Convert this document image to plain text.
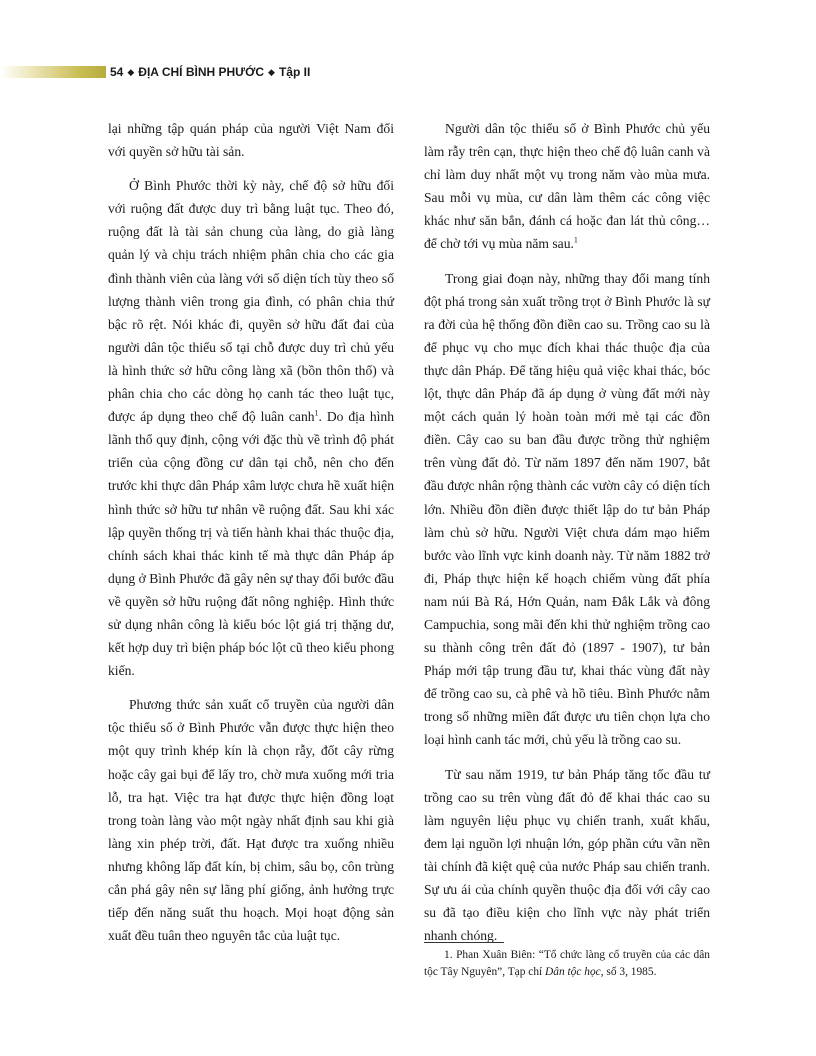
54 ◆ ĐỊA CHÍ BÌNH PHƯỚC ◆ Tập II

lại những tập quán pháp của người Việt Nam đối với quyền sở hữu tài sản.

Ở Bình Phước thời kỳ này, chế độ sở hữu đối với ruộng đất được duy trì bằng luật tục. Theo đó, ruộng đất là tài sản chung của làng, do già làng quản lý và chịu trách nhiệm phân chia cho các gia đình thành viên của làng với số diện tích tùy theo số lượng thành viên trong gia đình, có phân chia thứ bậc rõ rệt. Nói khác đi, quyền sở hữu đất đai của người dân tộc thiểu số tại chỗ được duy trì chủ yếu là hình thức sở hữu công làng xã (bồn thôn thổ) và phân chia cho các dòng họ canh tác theo luật tục, được áp dụng theo chế độ luân canh$^1$. Do địa hình lãnh thổ quy định, cộng với đặc thù về trình độ phát triển của cộng đồng cư dân tại chỗ, nên cho đến trước khi thực dân Pháp xâm lược chưa hề xuất hiện hình thức sở hữu tư nhân về ruộng đất. Sau khi xác lập quyền thống trị và tiến hành khai thác thuộc địa, chính sách khai thác kinh tế mà thực dân Pháp áp dụng ở Bình Phước đã gây nên sự thay đổi bước đầu về quyền sở hữu ruộng đất nông nghiệp. Hình thức sử dụng nhân công là kiểu bóc lột giá trị thặng dư, kết hợp duy trì biện pháp bóc lột cũ theo kiểu phong kiến.

Phương thức sản xuất cổ truyền của người dân tộc thiểu số ở Bình Phước vẫn được thực hiện theo một quy trình khép kín là chọn rẫy, đốt cây rừng hoặc cây gai bụi để lấy tro, chờ mưa xuống mới tria lỗ, tra hạt. Việc tra hạt được thực hiện đồng loạt trong toàn làng vào một ngày nhất định sau khi già làng xin phép trời, đất. Hạt được tra xuống nhiều nhưng không lấp đất kín, bị chim, sâu bọ, côn trùng cắn phá gây nên sự lãng phí giống, ảnh hưởng trực tiếp đến năng suất thu hoạch. Mọi hoạt động sản xuất đều tuân theo nguyên tắc của luật tục.

Người dân tộc thiểu số ở Bình Phước chủ yếu làm rẫy trên cạn, thực hiện theo chế độ luân canh và chỉ làm duy nhất một vụ trong năm vào mùa mưa. Sau mỗi vụ mùa, cư dân làm thêm các công việc khác như săn bắn, đánh cá hoặc đan lát thủ công… để chờ tới vụ mùa năm sau.$^1$

Trong giai đoạn này, những thay đổi mang tính đột phá trong sản xuất trồng trọt ở Bình Phước là sự ra đời của hệ thống đồn điền cao su. Trồng cao su là để phục vụ cho mục đích khai thác thuộc địa của thực dân Pháp. Để tăng hiệu quả việc khai thác, bóc lột, thực dân Pháp đã áp dụng ở vùng đất mới này một cách quản lý hoàn toàn mới mẻ tại các đồn điền. Cây cao su ban đầu được trồng thử nghiệm trên vùng đất đỏ. Từ năm 1897 đến năm 1907, bắt đầu được nhân rộng thành các vườn cây có diện tích lớn. Nhiều đồn điền được thiết lập do tư bản Pháp làm chủ sở hữu. Người Việt chưa dám mạo hiểm bước vào lĩnh vực kinh doanh này. Từ năm 1882 trở đi, Pháp thực hiện kế hoạch chiếm vùng đất phía nam núi Bà Rá, Hớn Quản, nam Đắk Lắk và đông Campuchia, song mãi đến khi thử nghiệm trồng cao su thành công trên đất đỏ (1897 - 1907), tư bản Pháp mới tập trung đầu tư, khai thác vùng đất này để trồng cao su, cà phê và hồ tiêu. Bình Phước nằm trong số những miền đất được ưu tiên chọn lựa cho loại hình canh tác mới, chủ yếu là trồng cao su.

Từ sau năm 1919, tư bản Pháp tăng tốc đầu tư trồng cao su trên vùng đất đỏ để khai thác cao su làm nguyên liệu phục vụ chiến tranh, xuất khẩu, đem lại nguồn lợi nhuận lớn, góp phần cứu vãn nền tài chính đã kiệt quệ của nước Pháp sau chiến tranh. Sự ưu ái của chính quyền thuộc địa đối với cây cao su đã tạo điều kiện cho lĩnh vực này phát triển nhanh chóng.

1. Phan Xuân Biên: “Tổ chức làng cổ truyền của các dân tộc Tây Nguyên”, Tạp chí Dân tộc học, số 3, 1985.
